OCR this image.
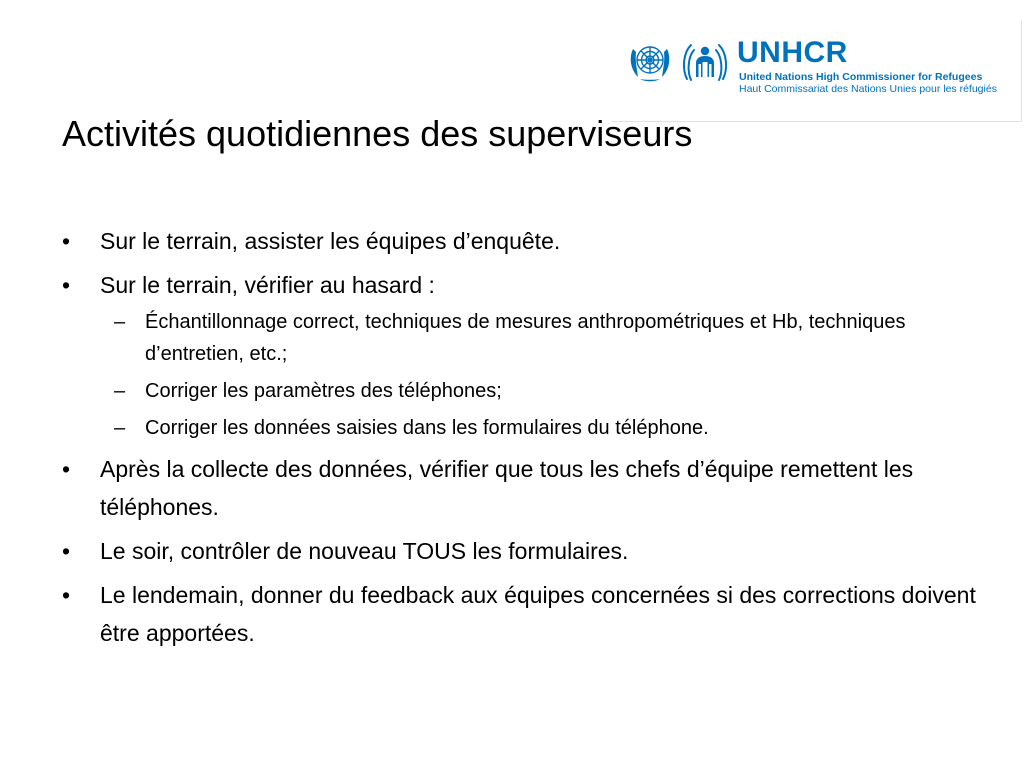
UNHCR
United Nations High Commissioner for Refugees
Haut Commissariat des Nations Unies pour les réfugiés
Activités quotidiennes des superviseurs
•	Sur le terrain, assister les équipes d’enquête.
•	Sur le terrain, vérifier au hasard :
– Échantillonnage correct, techniques de mesures anthropométriques et Hb, techniques d’entretien, etc.;
– Corriger les paramètres des téléphones;
– Corriger les données saisies dans les formulaires du téléphone.
•	Après la collecte des données, vérifier que tous les chefs d’équipe remettent les téléphones.
•	Le soir, contrôler de nouveau TOUS les formulaires.
•	Le lendemain, donner du feedback aux équipes concernées si des corrections doivent être apportées.
